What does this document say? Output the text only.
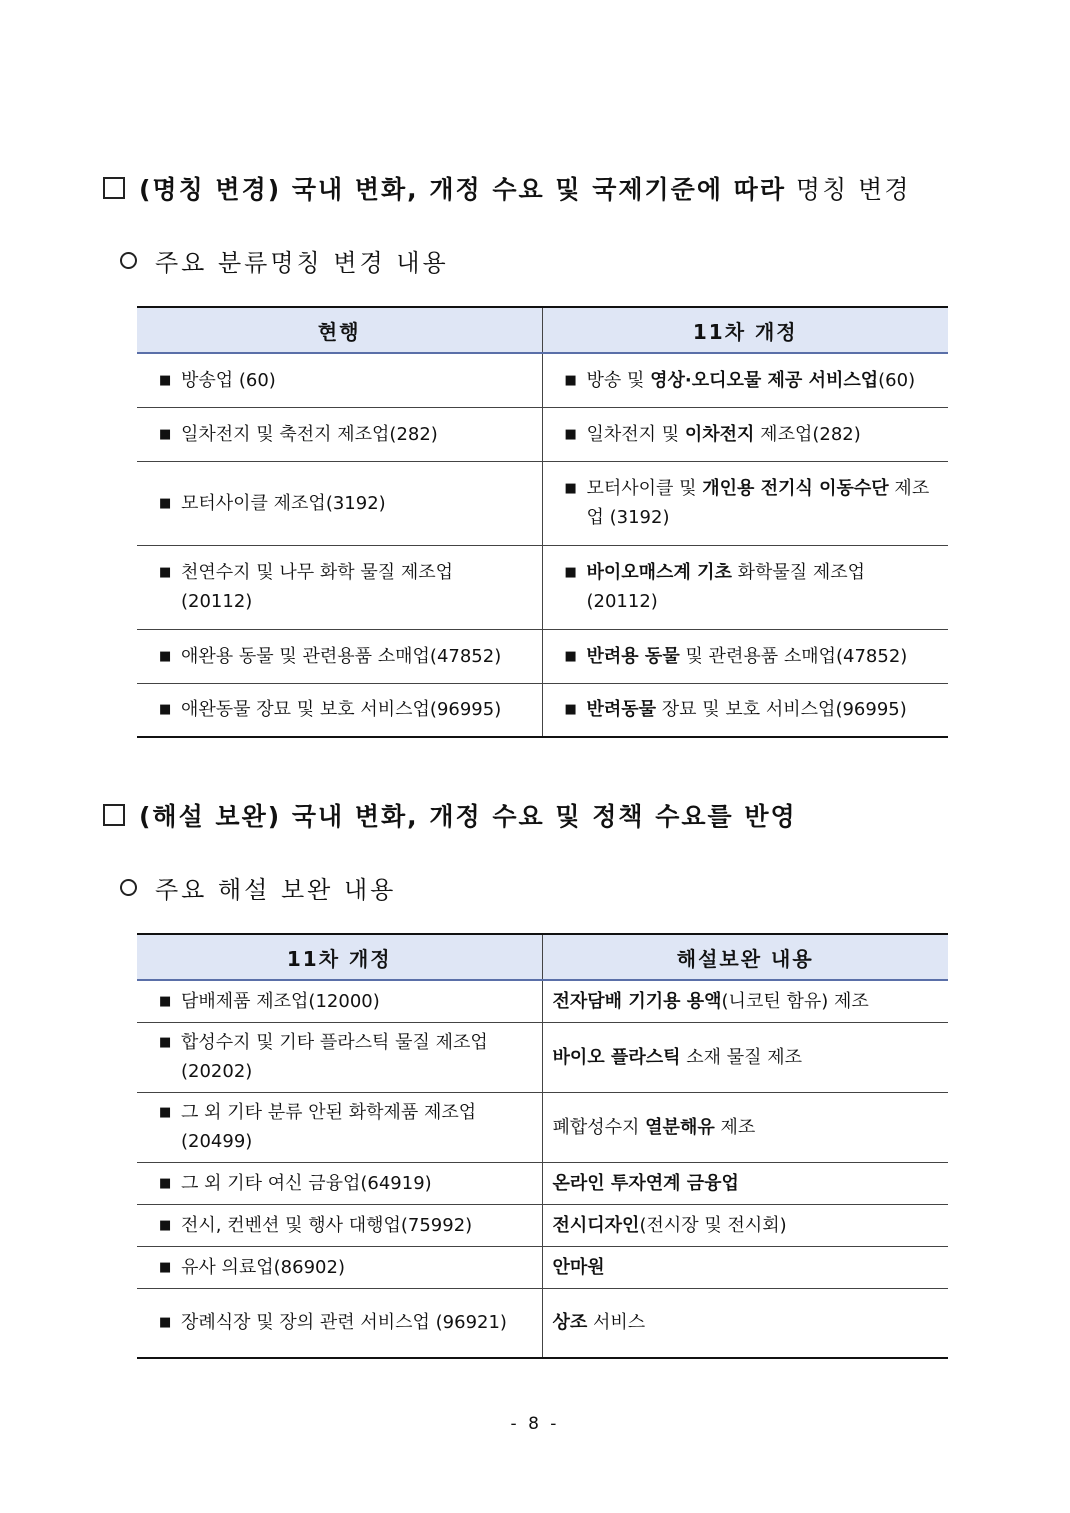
(명칭 변경) 국내 변화, 개정 수요 및 국제기준에 따라 명칭 변경
주요 분류명칭 변경 내용
현행	11차 개정

■ 방송업 (60)	■ 방송 및 영상·오디오물 제공 서비스업(60)

■ 일차전지 및 축전지 제조업(282)	■ 일차전지 및 이차전지 제조업(282)

■ 모터사이클 제조업(3192)	■ 모터사이클 및 개인용 전기식 이동수단 제조업 (3192)

■ 천연수지 및 나무 화학 물질 제조업 (20112)	■ 바이오매스계 기초 화학물질 제조업 (20112)

■ 애완용 동물 및 관련용품 소매업(47852)	■ 반려용 동물 및 관련용품 소매업(47852)

■ 애완동물 장묘 및 보호 서비스업(96995)	■ 반려동물 장묘 및 보호 서비스업(96995)
(해설 보완) 국내 변화, 개정 수요 및 정책 수요를 반영
주요 해설 보완 내용
11차 개정	해설보완 내용

■ 담배제품 제조업(12000)	전자담배 기기용 용액(니코틴 함유) 제조

■ 합성수지 및 기타 플라스틱 물질 제조업(20202)	바이오 플라스틱 소재 물질 제조

■ 그 외 기타 분류 안된 화학제품 제조업(20499)	폐합성수지 열분해유 제조

■ 그 외 기타 여신 금융업(64919)	온라인 투자연계 금융업

■ 전시, 컨벤션 및 행사 대행업(75992)	전시디자인(전시장 및 전시회)

■ 유사 의료업(86902)	안마원

■ 장례식장 및 장의 관련 서비스업 (96921)	상조 서비스
- 8 -
